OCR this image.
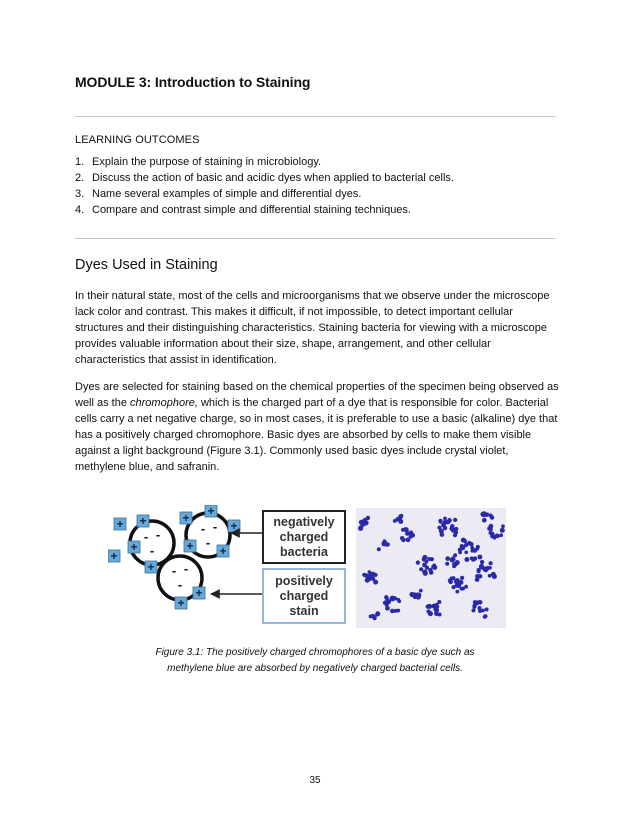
MODULE 3: Introduction to Staining
LEARNING OUTCOMES
1. Explain the purpose of staining in microbiology.
2. Discuss the action of basic and acidic dyes when applied to bacterial cells.
3. Name several examples of simple and differential dyes.
4. Compare and contrast simple and differential staining techniques.
Dyes Used in Staining

In their natural state, most of the cells and microorganisms that we observe under the microscope lack color and contrast. This makes it difficult, if not impossible, to detect important cellular structures and their distinguishing characteristics. Staining bacteria for viewing with a microscope provides valuable information about their size, shape, arrangement, and other cellular characteristics that assist in identification.

Dyes are selected for staining based on the chemical properties of the specimen being observed as well as the chromophore, which is the charged part of a dye that is responsible for color. Bacterial cells carry a net negative charge, so in most cases, it is preferable to use a basic (alkaline) dye that has a positively charged chromophore. Basic dyes are absorbed by cells to make them visible against a light background (Figure 3.1). Commonly used basic dyes include crystal violet, methylene blue, and safranin.

+ +
+
+
+
+ +
+
+ +
+
+
- -
-
- -
-
- -
-
negatively
charged
bacteria
positively
charged
stain

Figure 3.1: The positively charged chromophores of a basic dye such as
methylene blue are absorbed by negatively charged bacterial cells.

35
